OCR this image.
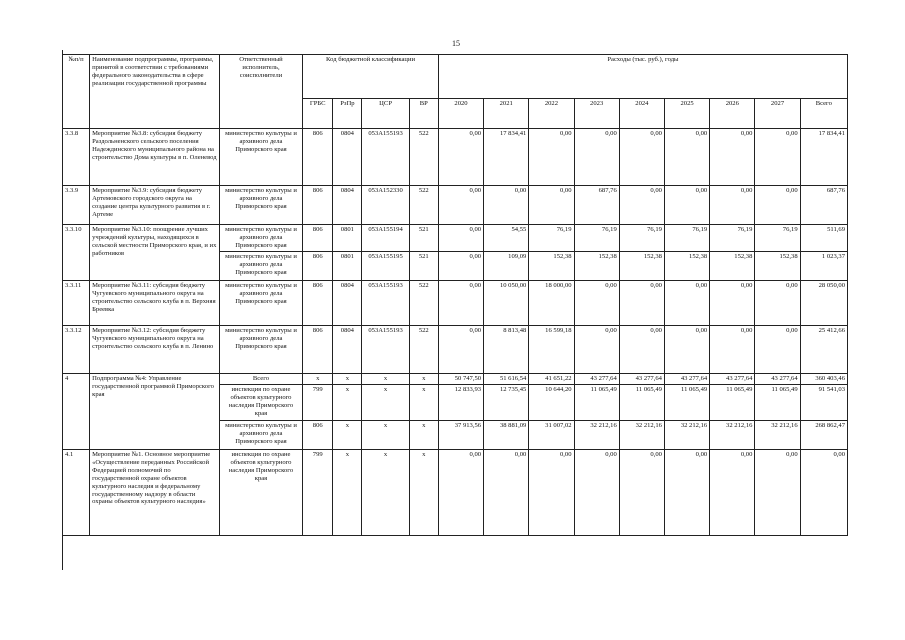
15
№п/п	Наименование подпрограммы, программы, принятой в соответствии с требованиями федерального законодательства в сфере реализации государственной программы	Ответственный исполнитель, соисполнители	Код бюджетной классификации				Расходы (тыс. руб.), годы								
			ГРБС	РзПр	ЦСР	ВР	2020	2021	2022	2023	2024	2025	2026	2027	Всего
3.3.8	Мероприятие №3.8: субсидия бюджету Раздольненского сельского поселения Надеждинского муниципального района на строительство Дома культуры в п. Оленевод	министерство культуры и архивного дела Приморского края	806	0804	053A155193	522	0,00	17 834,41	0,00	0,00	0,00	0,00	0,00	0,00	17 834,41
3.3.9	Мероприятие №3.9: субсидия бюджету Артемовского городского округа на создание центра культурного развития в г. Артеме	министерство культуры и архивного дела Приморского края	806	0804	053A152330	522	0,00	0,00	0,00	687,76	0,00	0,00	0,00	0,00	687,76
3.3.10	Мероприятие №3.10: поощрение лучших учреждений культуры, находящихся в сельской местности Приморского края, и их работников	министерство культуры и архивного дела Приморского края	806	0801	053A155194	521	0,00	54,55	76,19	76,19	76,19	76,19	76,19	76,19	511,69
		министерство культуры и архивного дела Приморского края	806	0801	053A155195	521	0,00	109,09	152,38	152,38	152,38	152,38	152,38	152,38	1 023,37
3.3.11	Мероприятие №3.11: субсидия бюджету Чугуевского муниципального округа на строительство сельского клуба в п. Верхняя Бреевка	министерство культуры и архивного дела Приморского края	806	0804	053A155193	522	0,00	10 050,00	18 000,00	0,00	0,00	0,00	0,00	0,00	28 050,00
3.3.12	Мероприятие №3.12: субсидия бюджету Чугуевского муниципального округа на строительство сельского клуба в п. Ленино	министерство культуры и архивного дела Приморского края	806	0804	053A155193	522	0,00	8 813,48	16 599,18	0,00	0,00	0,00	0,00	0,00	25 412,66
4	Подпрограмма №4: Управление государственной программой Приморского края	Всего	x	x	x	x	50 747,50	51 616,54	41 651,22	43 277,64	43 277,64	43 277,64	43 277,64	43 277,64	360 403,46
		инспекция по охране объектов культурного наследия Приморского края	799	x	x	x	12 833,93	12 735,45	10 644,20	11 065,49	11 065,49	11 065,49	11 065,49	11 065,49	91 541,03
		министерство культуры и архивного дела Приморского края	806	x	x	x	37 913,56	38 881,09	31 007,02	32 212,16	32 212,16	32 212,16	32 212,16	32 212,16	268 862,47
4.1	Мероприятие №1. Основное мероприятие «Осуществление переданных Российской Федерацией полномочий по государственной охране объектов культурного наследия и федеральному государственному надзору в области охраны объектов культурного наследия»	инспекция по охране объектов культурного наследия Приморского края	799	x	x	x	0,00	0,00	0,00	0,00	0,00	0,00	0,00	0,00	0,00
